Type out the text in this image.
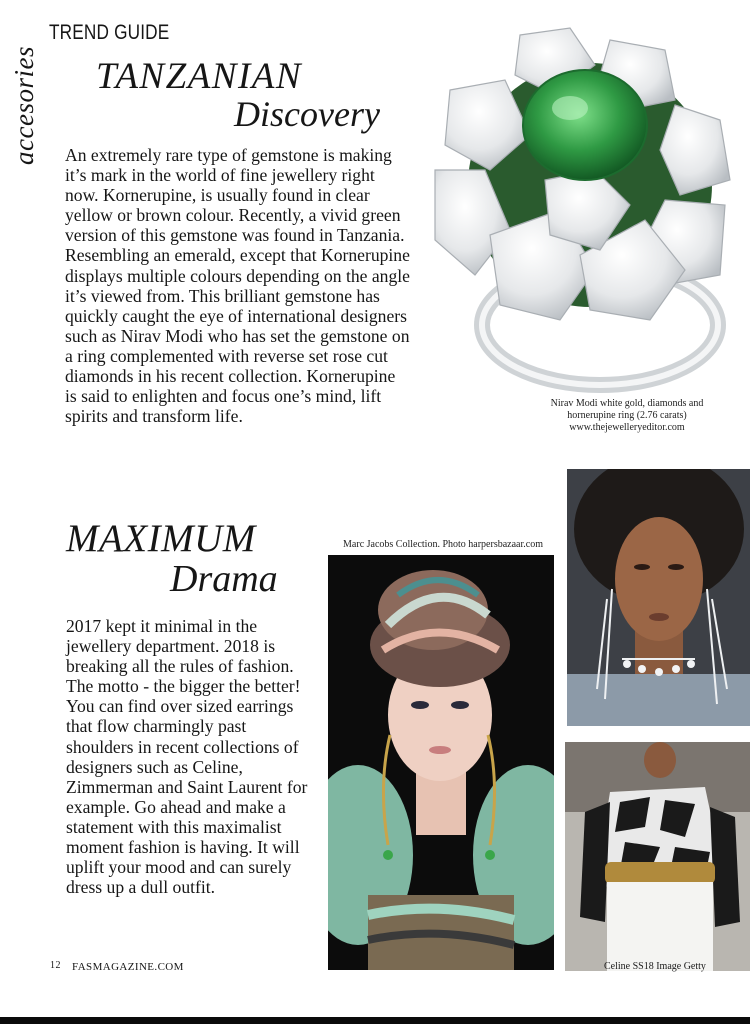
accesories
TREND GUIDE
TANZANIAN
Discovery

An extremely rare type of gemstone is making it’s mark in the world of fine jewellery right now. Kornerupine, is usually found in clear yellow or brown colour. Recently, a vivid green version of this gemstone was found in Tanzania. Resembling an emerald, except that Kornerupine displays multiple colours depending on the angle it’s viewed from. This brilliant gemstone has quickly caught the eye of international designers such as Nirav Modi who has set the gemstone on a ring complemented with reverse set rose cut diamonds in his recent collection. Kornerupine is said to enlighten and focus one’s mind, lift spirits and transform life.

Nirav Modi white gold, diamonds and
hornerupine ring (2.76 carats)
www.thejewelleryeditor.com
MAXIMUM
Drama

2017 kept it minimal in the jewellery department. 2018 is breaking all the rules of fashion. The motto - the bigger the better! You can find over sized earrings that flow charmingly past shoulders in recent collections of designers such as Celine, Zimmerman and Saint Laurent for example. Go ahead and make a statement with this maximalist moment fashion is having. It will uplift your mood and can surely dress up a dull outfit.

Marc Jacobs Collection. Photo harpersbazaar.com
Celine SS18 Image Getty
12 FASMAGAZINE.COM
